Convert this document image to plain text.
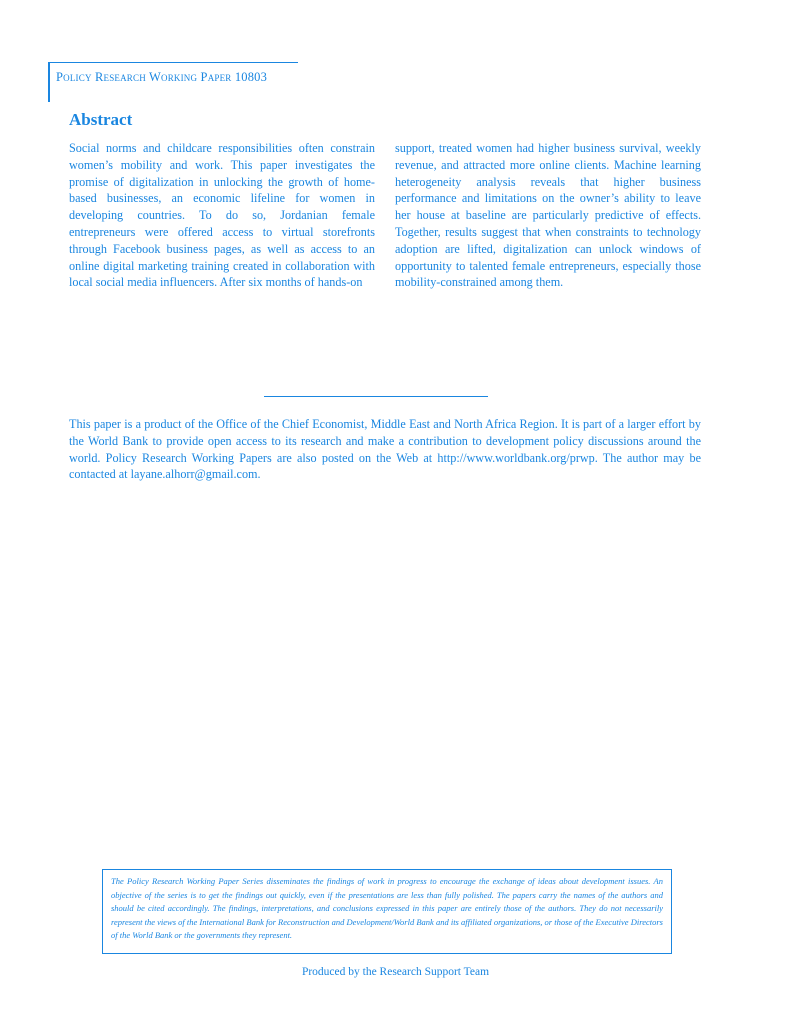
Policy Research Working Paper 10803
Abstract
Social norms and childcare responsibilities often constrain women’s mobility and work. This paper investigates the promise of digitalization in unlocking the growth of home-based businesses, an economic lifeline for women in developing countries. To do so, Jordanian female entrepreneurs were offered access to virtual storefronts through Facebook business pages, as well as access to an online digital marketing training created in collaboration with local social media influencers. After six months of hands-on
support, treated women had higher business survival, weekly revenue, and attracted more online clients. Machine learning heterogeneity analysis reveals that higher business performance and limitations on the owner’s ability to leave her house at baseline are particularly predictive of effects. Together, results suggest that when constraints to technology adoption are lifted, digitalization can unlock windows of opportunity to talented female entrepreneurs, especially those mobility-constrained among them.
This paper is a product of the Office of the Chief Economist, Middle East and North Africa Region. It is part of a larger effort by the World Bank to provide open access to its research and make a contribution to development policy discussions around the world. Policy Research Working Papers are also posted on the Web at http://www.worldbank.org/prwp. The author may be contacted at layane.alhorr@gmail.com.
The Policy Research Working Paper Series disseminates the findings of work in progress to encourage the exchange of ideas about development issues. An objective of the series is to get the findings out quickly, even if the presentations are less than fully polished. The papers carry the names of the authors and should be cited accordingly. The findings, interpretations, and conclusions expressed in this paper are entirely those of the authors. They do not necessarily represent the views of the International Bank for Reconstruction and Development/World Bank and its affiliated organizations, or those of the Executive Directors of the World Bank or the governments they represent.
Produced by the Research Support Team
